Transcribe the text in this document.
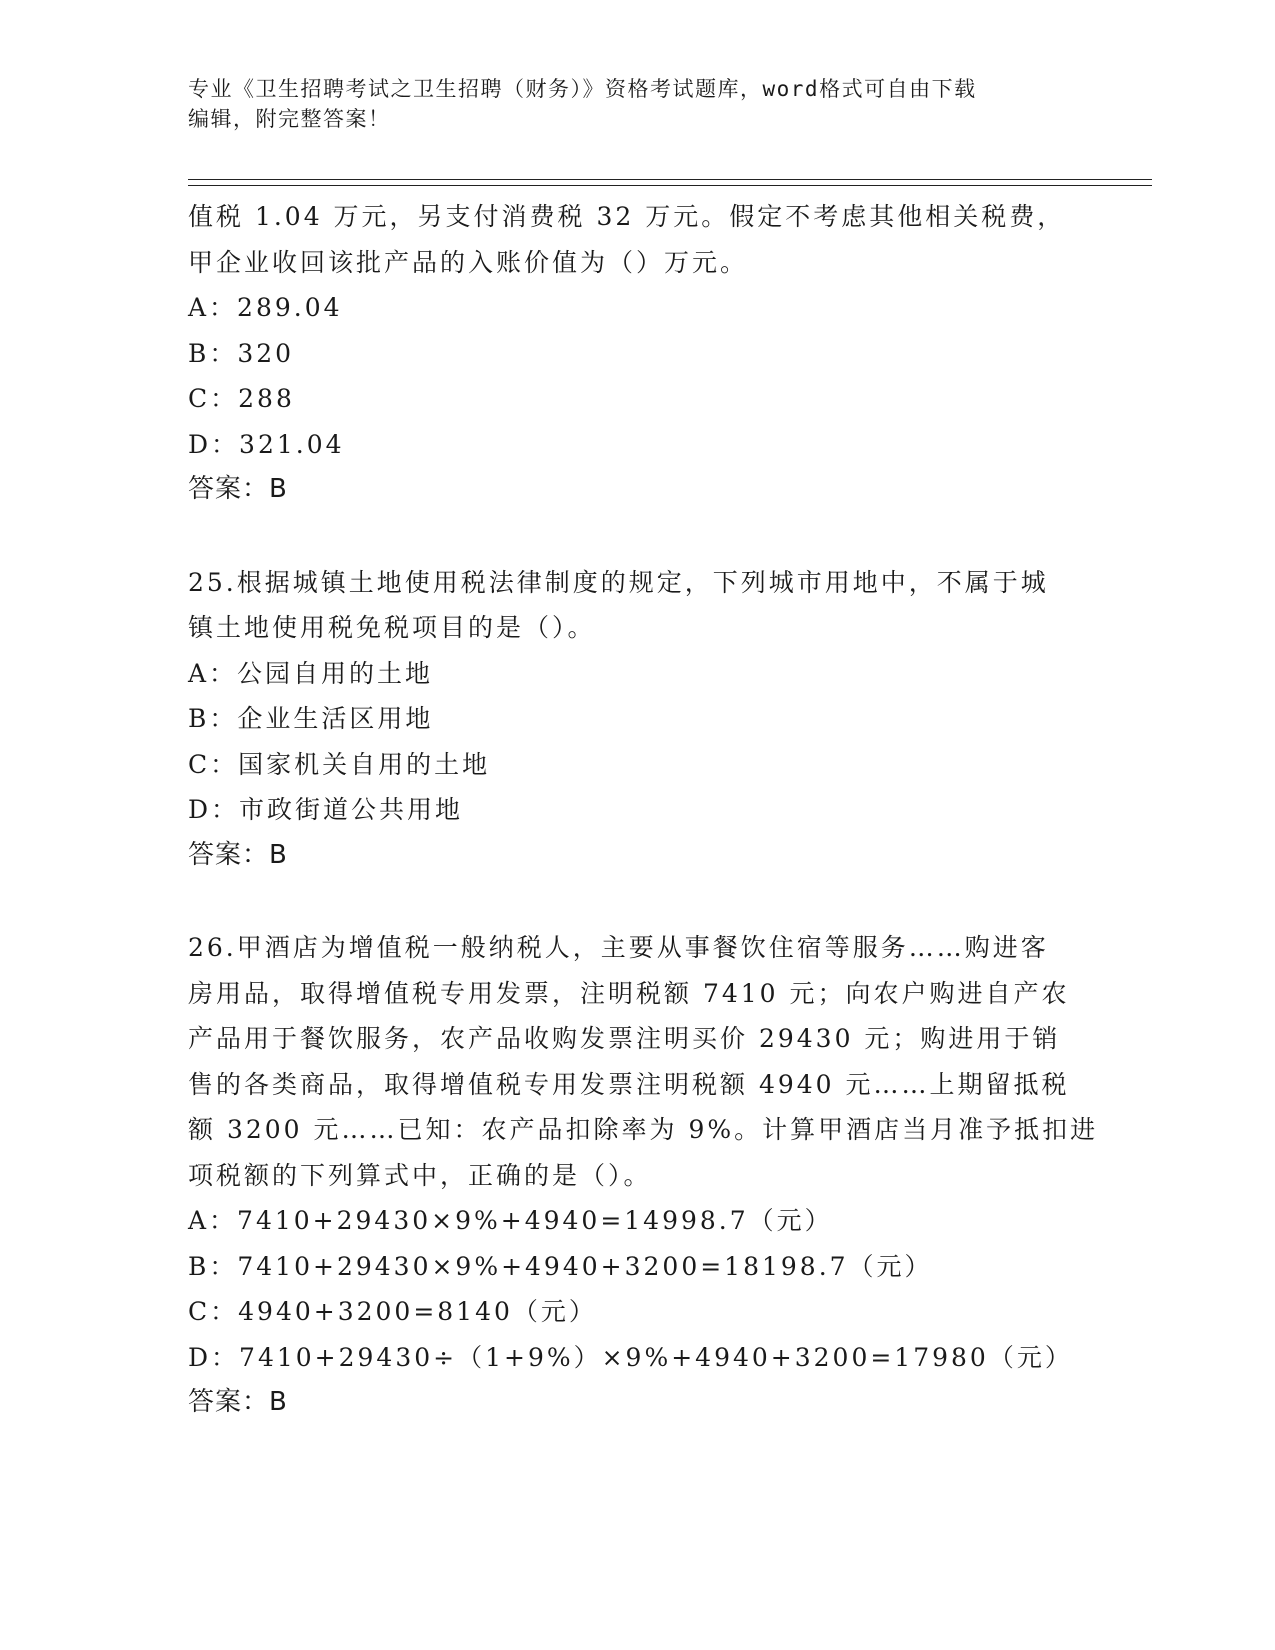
专业《卫生招聘考试之卫生招聘（财务）》资格考试题库，word格式可自由下载
编辑，附完整答案！
值税 1.04 万元，另支付消费税 32 万元。假定不考虑其他相关税费，
甲企业收回该批产品的入账价值为（）万元。
A：289.04
B：320
C：288
D：321.04
答案：B
25.根据城镇土地使用税法律制度的规定，下列城市用地中，不属于城
镇土地使用税免税项目的是（）。
A：公园自用的土地
B：企业生活区用地
C：国家机关自用的土地
D：市政街道公共用地
答案：B
26.甲酒店为增值税一般纳税人，主要从事餐饮住宿等服务……购进客
房用品，取得增值税专用发票，注明税额 7410 元；向农户购进自产农
产品用于餐饮服务，农产品收购发票注明买价 29430 元；购进用于销
售的各类商品，取得增值税专用发票注明税额 4940 元……上期留抵税
额 3200 元……已知：农产品扣除率为 9%。计算甲酒店当月准予抵扣进
项税额的下列算式中，正确的是（）。
A：7410+29430×9%+4940=14998.7（元）
B：7410+29430×9%+4940+3200=18198.7（元）
C：4940+3200=8140（元）
D：7410+29430÷（1+9%）×9%+4940+3200=17980（元）
答案：B
